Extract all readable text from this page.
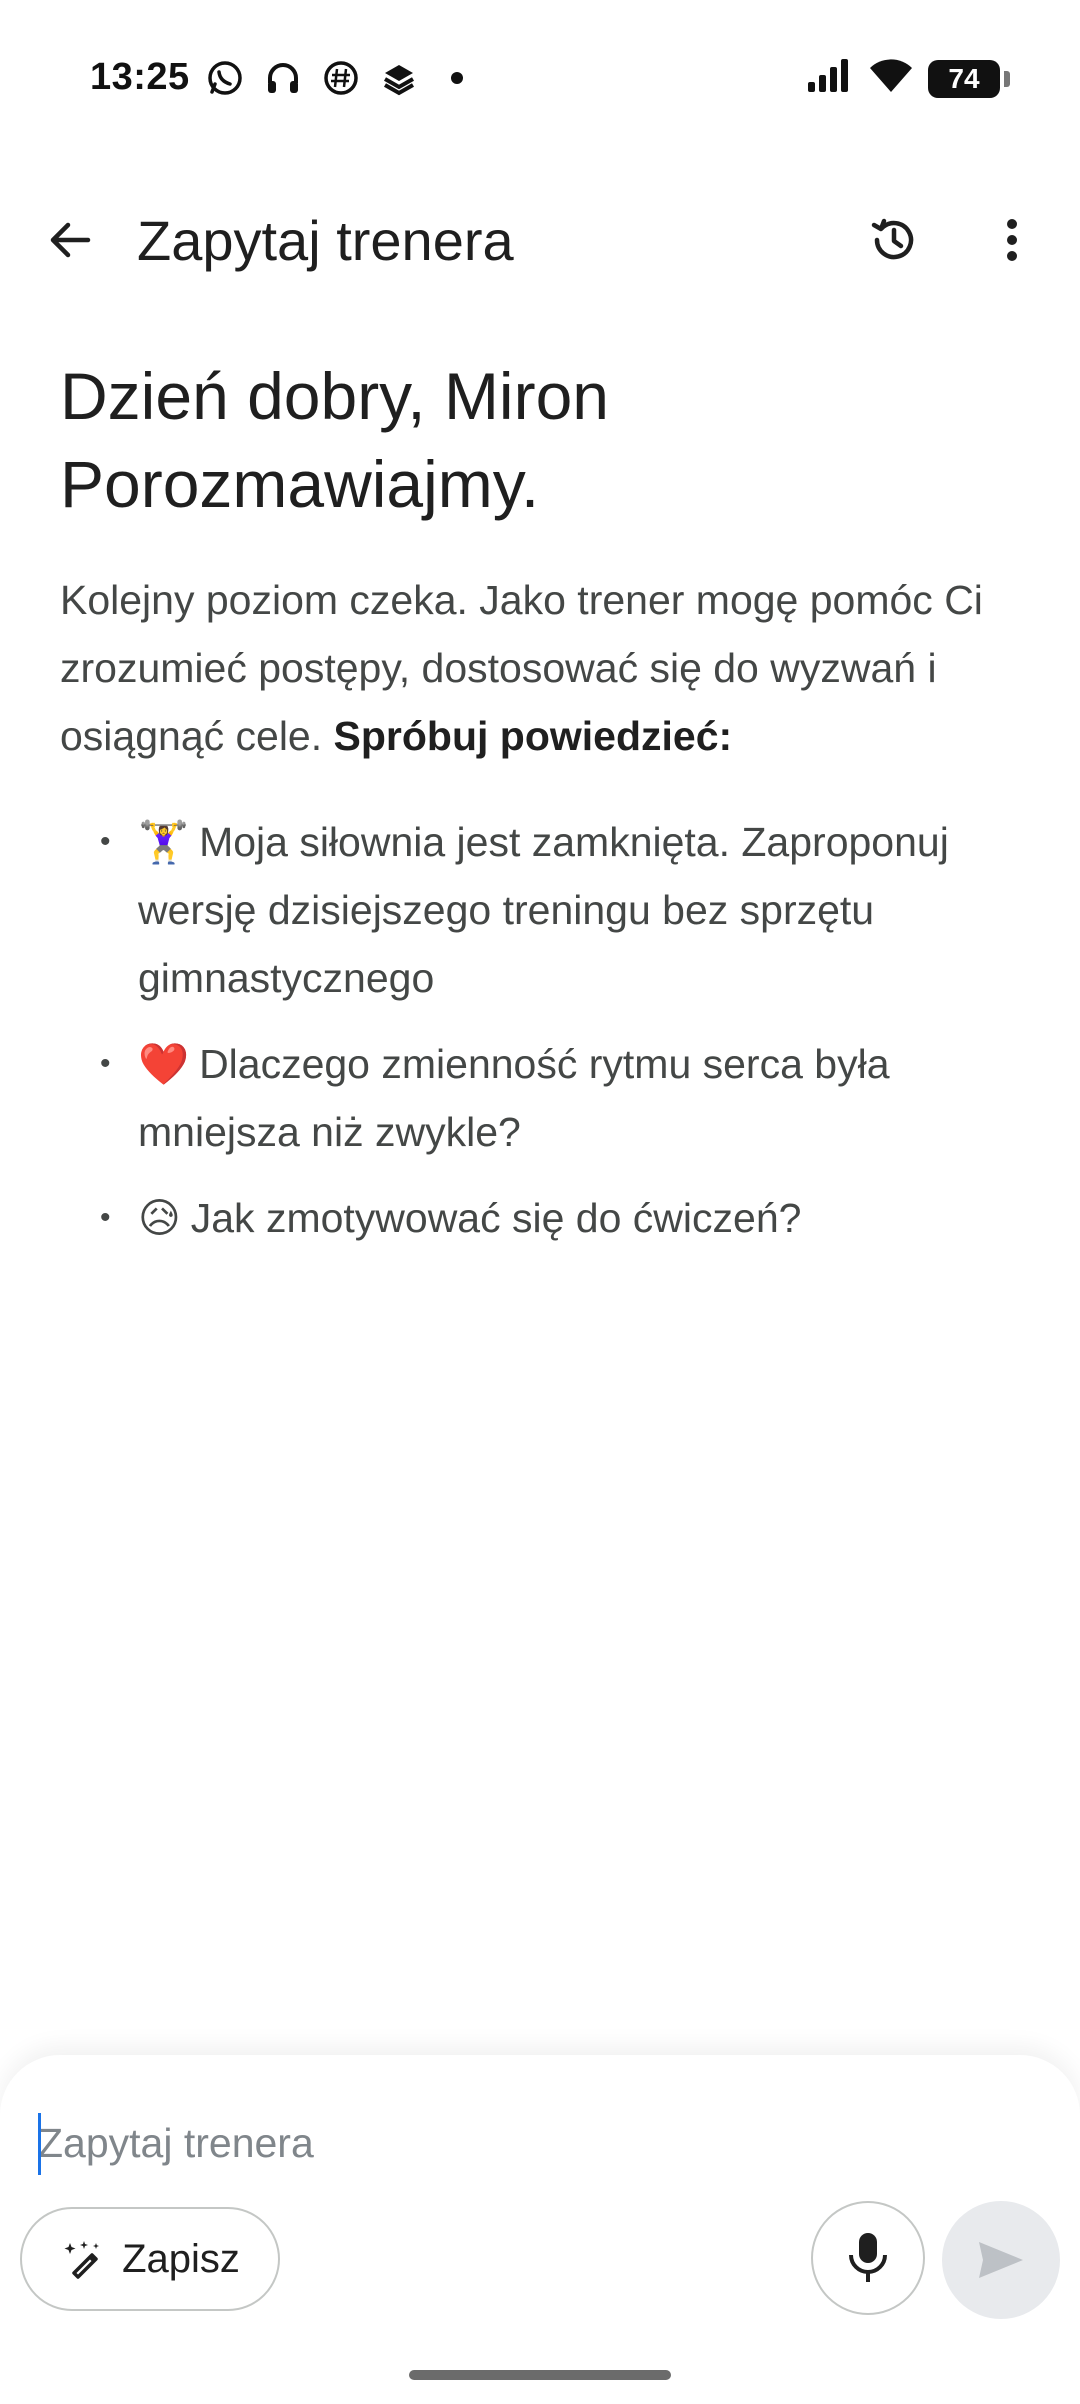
13:25	74
Zapytaj trenera
Dzień dobry, Miron
Porozmawiajmy.
Kolejny poziom czeka. Jako trener mogę pomóc Ci zrozumieć postępy, dostosować się do wyzwań i osiągnąć cele. Spróbuj powiedzieć:
• 🏋️‍♀️ Moja siłownia jest zamknięta. Zaproponuj wersję dzisiejszego treningu bez sprzętu gimnastycznego
• ❤️ Dlaczego zmienność rytmu serca była mniejsza niż zwykle?
• 😥 Jak zmotywować się do ćwiczeń?
Zapytaj trenera
Zapisz
